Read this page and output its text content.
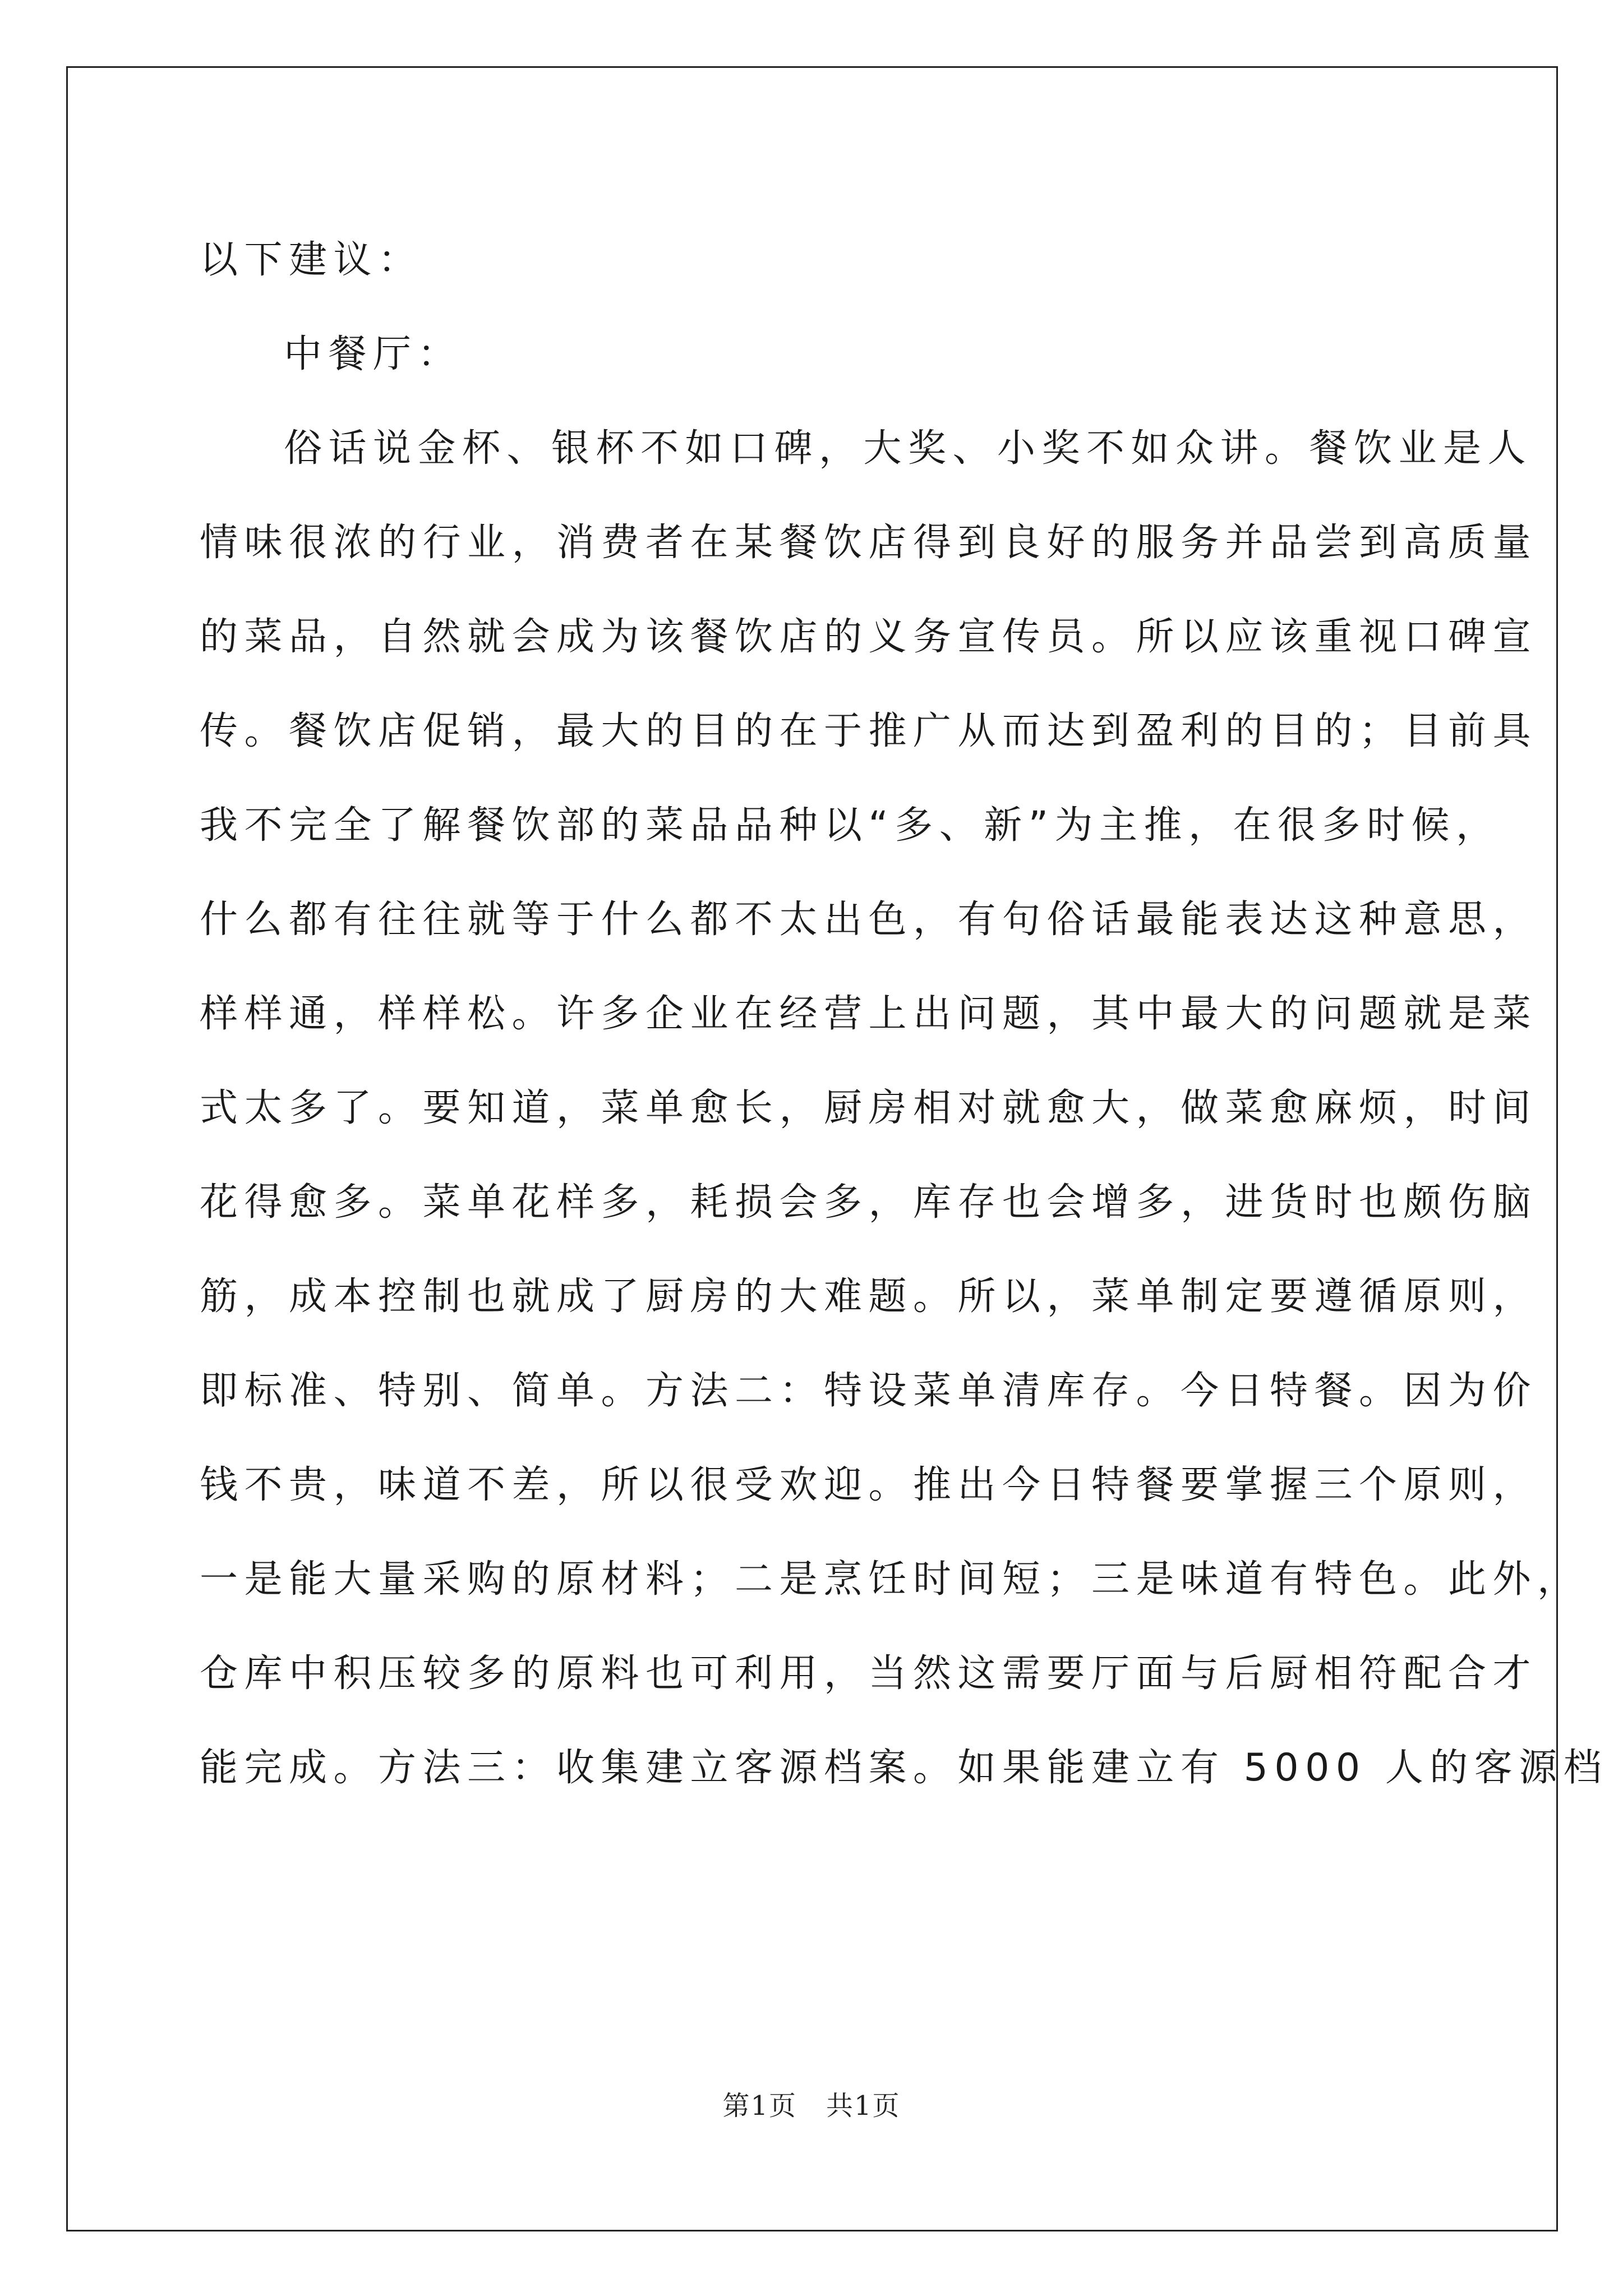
以下建议：
中餐厅：
俗话说金杯、银杯不如口碑，大奖、小奖不如众讲。餐饮业是人
情味很浓的行业，消费者在某餐饮店得到良好的服务并品尝到高质量
的菜品，自然就会成为该餐饮店的义务宣传员。所以应该重视口碑宣
传。餐饮店促销，最大的目的在于推广从而达到盈利的目的；目前具
我不完全了解餐饮部的菜品品种以“多、新”为主推，在很多时候，
什么都有往往就等于什么都不太出色，有句俗话最能表达这种意思，
样样通，样样松。许多企业在经营上出问题，其中最大的问题就是菜
式太多了。要知道，菜单愈长，厨房相对就愈大，做菜愈麻烦，时间
花得愈多。菜单花样多，耗损会多，库存也会增多，进货时也颇伤脑
筋，成本控制也就成了厨房的大难题。所以，菜单制定要遵循原则，
即标准、特别、简单。方法二：特设菜单清库存。今日特餐。因为价
钱不贵，味道不差，所以很受欢迎。推出今日特餐要掌握三个原则，
一是能大量采购的原材料；二是烹饪时间短；三是味道有特色。此外，
仓库中积压较多的原料也可利用，当然这需要厅面与后厨相符配合才
能完成。方法三：收集建立客源档案。如果能建立有 5000 人的客源档
第1页 共1页
